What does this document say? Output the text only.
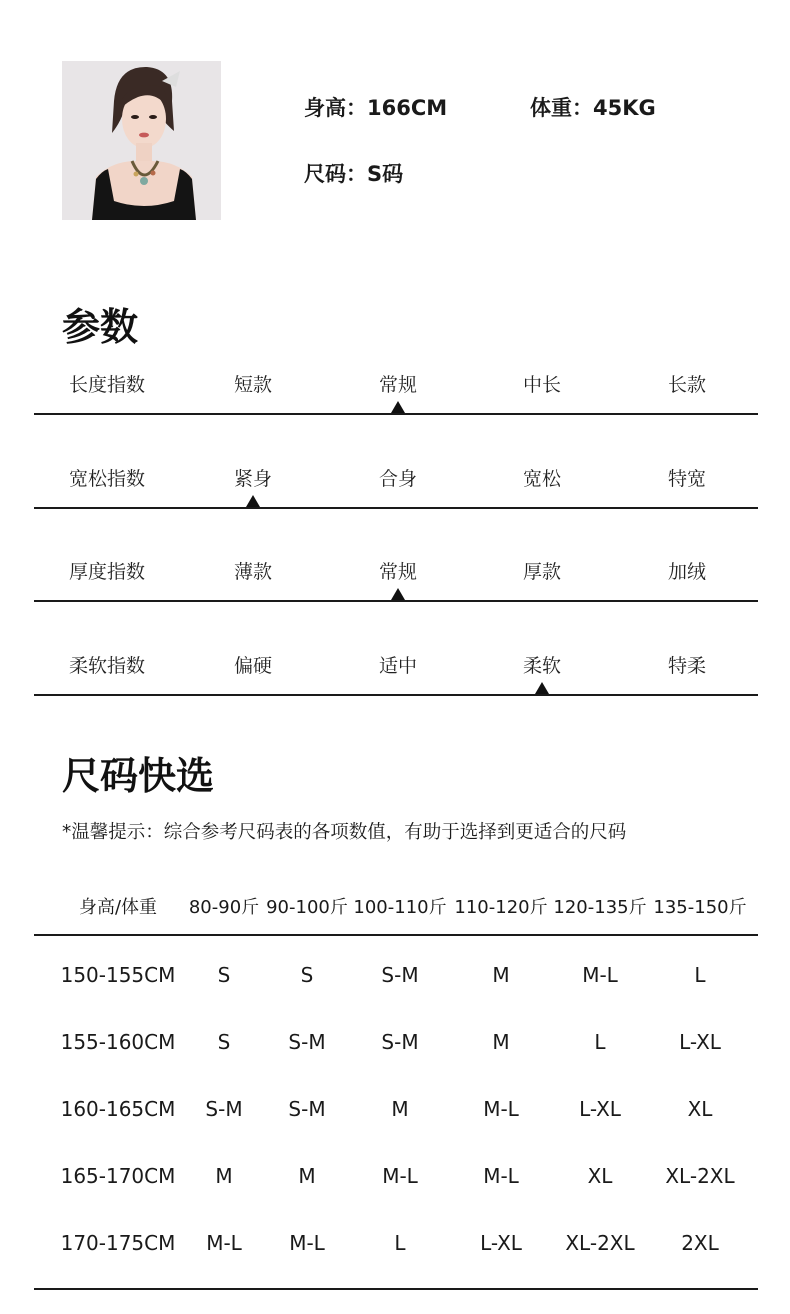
身高：166CM	体重：45KG
尺码：S码
参数
长度指数	短款	常规	中长	长款
宽松指数	紧身	合身	宽松	特宽
厚度指数	薄款	常规	厚款	加绒
柔软指数	偏硬	适中	柔软	特柔
尺码快选
*温馨提示：综合参考尺码表的各项数值，有助于选择到更适合的尺码
身高/体重	80-90斤 90-100斤 100-110斤 110-120斤 120-135斤 135-150斤
150-155CM	S	S	S-M	M	M-L	L
155-160CM	S	S-M	S-M	M	L	L-XL
160-165CM	S-M	S-M	M	M-L	L-XL	XL
165-170CM	M	M	M-L	M-L	XL	XL-2XL
170-175CM	M-L	M-L	L	L-XL	XL-2XL	2XL
